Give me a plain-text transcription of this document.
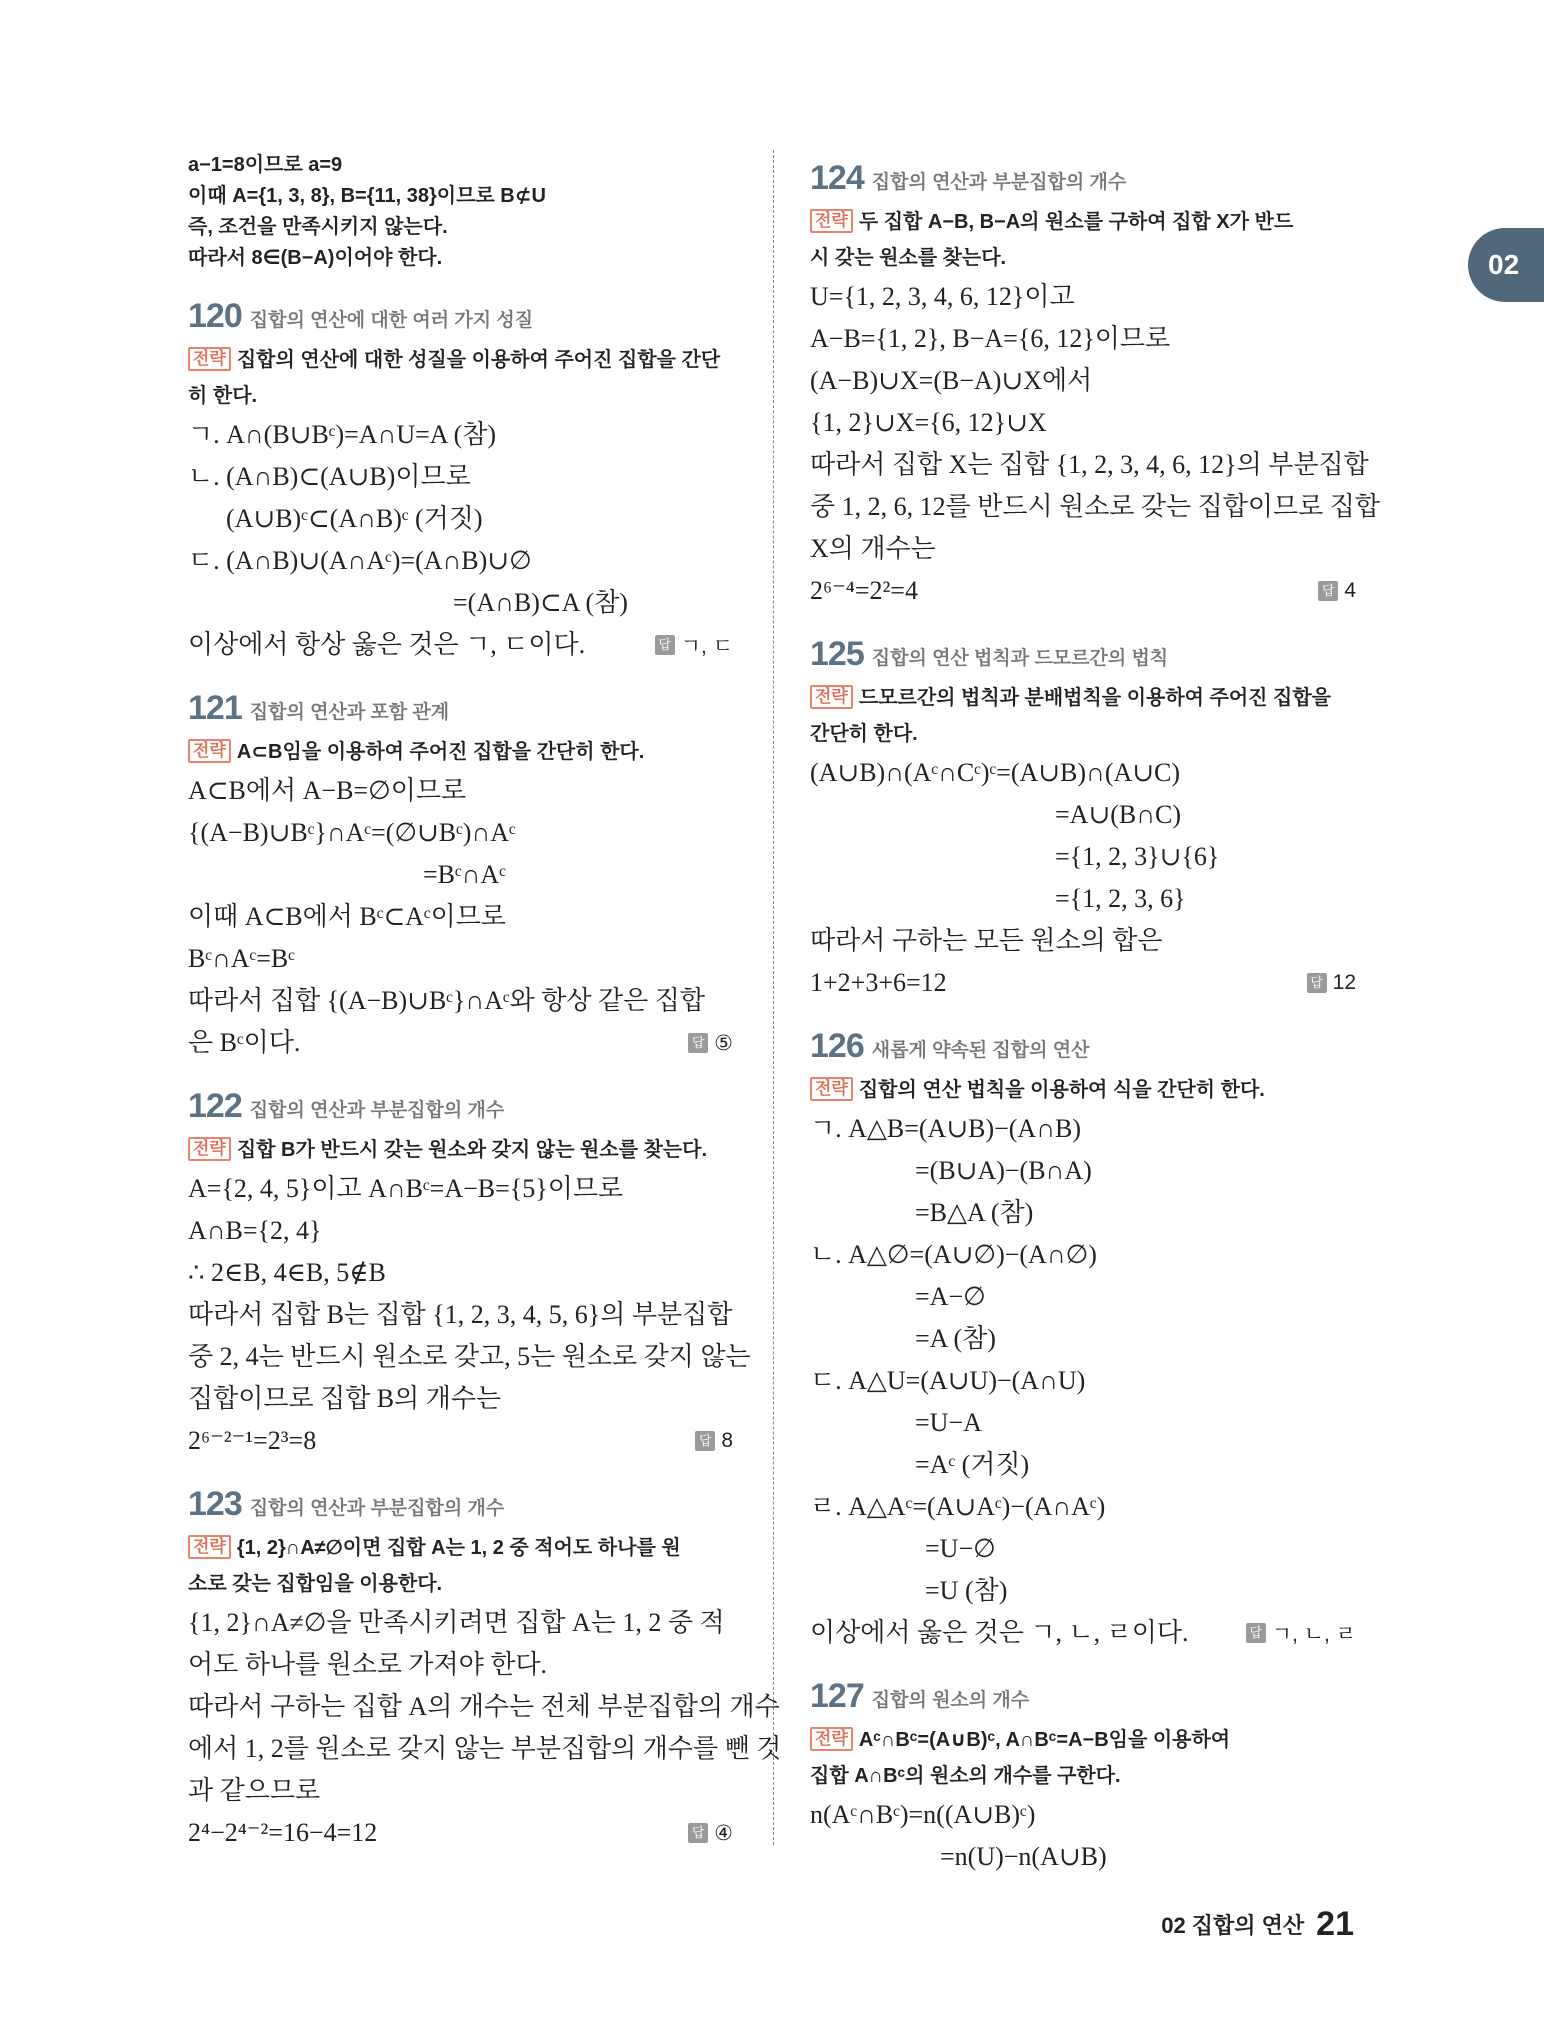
02
a−1=8이므로 a=9
이때 A={1, 3, 8}, B={11, 38}이므로 B⊄U
즉, 조건을 만족시키지 않는다.
따라서 8∈(B−A)이어야 한다.
120 집합의 연산에 대한 여러 가지 성질
전략 집합의 연산에 대한 성질을 이용하여 주어진 집합을 간단
히 한다.
ㄱ. A∩(B∪Bᶜ)=A∩U=A (참)
ㄴ. (A∩B)⊂(A∪B)이므로
(A∪B)ᶜ⊂(A∩B)ᶜ (거짓)
ㄷ. (A∩B)∪(A∩Aᶜ)=(A∩B)∪∅
=(A∩B)⊂A (참)
이상에서 항상 옳은 것은 ㄱ, ㄷ이다.	답 ㄱ, ㄷ
121 집합의 연산과 포함 관계
전략 A⊂B임을 이용하여 주어진 집합을 간단히 한다.
A⊂B에서 A−B=∅이므로
{(A−B)∪Bᶜ}∩Aᶜ=(∅∪Bᶜ)∩Aᶜ
=Bᶜ∩Aᶜ
이때 A⊂B에서 Bᶜ⊂Aᶜ이므로
Bᶜ∩Aᶜ=Bᶜ
따라서 집합 {(A−B)∪Bᶜ}∩Aᶜ와 항상 같은 집합
은 Bᶜ이다.	답 ⑤
122 집합의 연산과 부분집합의 개수
전략 집합 B가 반드시 갖는 원소와 갖지 않는 원소를 찾는다.
A={2, 4, 5}이고 A∩Bᶜ=A−B={5}이므로
A∩B={2, 4}
∴ 2∈B, 4∈B, 5∉B
따라서 집합 B는 집합 {1, 2, 3, 4, 5, 6}의 부분집합
중 2, 4는 반드시 원소로 갖고, 5는 원소로 갖지 않는
집합이므로 집합 B의 개수는
2⁶⁻²⁻¹=2³=8	답 8
123 집합의 연산과 부분집합의 개수
전략 {1, 2}∩A≠∅이면 집합 A는 1, 2 중 적어도 하나를 원
소로 갖는 집합임을 이용한다.
{1, 2}∩A≠∅을 만족시키려면 집합 A는 1, 2 중 적
어도 하나를 원소로 가져야 한다.
따라서 구하는 집합 A의 개수는 전체 부분집합의 개수
에서 1, 2를 원소로 갖지 않는 부분집합의 개수를 뺀 것
과 같으므로
2⁴−2⁴⁻²=16−4=12	답 ④
124 집합의 연산과 부분집합의 개수
전략 두 집합 A−B, B−A의 원소를 구하여 집합 X가 반드
시 갖는 원소를 찾는다.
U={1, 2, 3, 4, 6, 12}이고
A−B={1, 2}, B−A={6, 12}이므로
(A−B)∪X=(B−A)∪X에서
{1, 2}∪X={6, 12}∪X
따라서 집합 X는 집합 {1, 2, 3, 4, 6, 12}의 부분집합
중 1, 2, 6, 12를 반드시 원소로 갖는 집합이므로 집합
X의 개수는
2⁶⁻⁴=2²=4	답 4
125 집합의 연산 법칙과 드모르간의 법칙
전략 드모르간의 법칙과 분배법칙을 이용하여 주어진 집합을
간단히 한다.
(A∪B)∩(Aᶜ∩Cᶜ)ᶜ=(A∪B)∩(A∪C)
=A∪(B∩C)
={1, 2, 3}∪{6}
={1, 2, 3, 6}
따라서 구하는 모든 원소의 합은
1+2+3+6=12	답 12
126 새롭게 약속된 집합의 연산
전략 집합의 연산 법칙을 이용하여 식을 간단히 한다.
ㄱ. A△B=(A∪B)−(A∩B)
=(B∪A)−(B∩A)
=B△A (참)
ㄴ. A△∅=(A∪∅)−(A∩∅)
=A−∅
=A (참)
ㄷ. A△U=(A∪U)−(A∩U)
=U−A
=Aᶜ (거짓)
ㄹ. A△Aᶜ=(A∪Aᶜ)−(A∩Aᶜ)
=U−∅
=U (참)
이상에서 옳은 것은 ㄱ, ㄴ, ㄹ이다.	답 ㄱ, ㄴ, ㄹ
127 집합의 원소의 개수
전략 Aᶜ∩Bᶜ=(A∪B)ᶜ, A∩Bᶜ=A−B임을 이용하여
집합 A∩Bᶜ의 원소의 개수를 구한다.
n(Aᶜ∩Bᶜ)=n((A∪B)ᶜ)
=n(U)−n(A∪B)
02 집합의 연산 21
